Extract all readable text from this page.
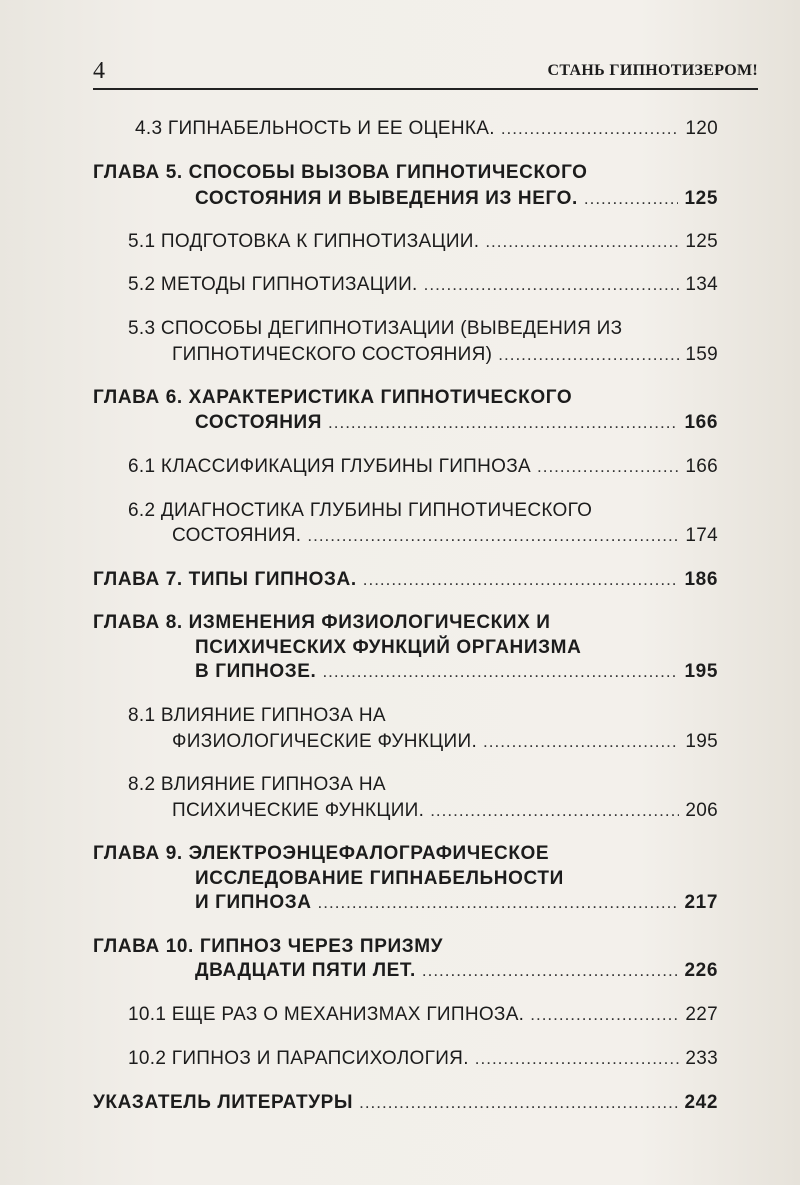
4	СТАНЬ ГИПНОТИЗЕРОМ!
4.3 ГИПНАБЕЛЬНОСТЬ И ЕЕ ОЦЕНКА. .....	120
ГЛАВА 5. СПОСОБЫ ВЫЗОВА ГИПНОТИЧЕСКОГО
СОСТОЯНИЯ И ВЫВЕДЕНИЯ ИЗ НЕГО. .....	125
5.1 ПОДГОТОВКА К ГИПНОТИЗАЦИИ. .....	125
5.2 МЕТОДЫ ГИПНОТИЗАЦИИ. .....	134
5.3 СПОСОБЫ ДЕГИПНОТИЗАЦИИ (ВЫВЕДЕНИЯ ИЗ
ГИПНОТИЧЕСКОГО СОСТОЯНИЯ) .....	159
ГЛАВА 6. ХАРАКТЕРИСТИКА ГИПНОТИЧЕСКОГО
СОСТОЯНИЯ .....	166
6.1 КЛАССИФИКАЦИЯ ГЛУБИНЫ ГИПНОЗА .....	166
6.2 ДИАГНОСТИКА ГЛУБИНЫ ГИПНОТИЧЕСКОГО
СОСТОЯНИЯ. .....	174
ГЛАВА 7. ТИПЫ ГИПНОЗА. .....	186
ГЛАВА 8. ИЗМЕНЕНИЯ ФИЗИОЛОГИЧЕСКИХ И
ПСИХИЧЕСКИХ ФУНКЦИЙ ОРГАНИЗМА
В ГИПНОЗЕ. .....	195
8.1 ВЛИЯНИЕ ГИПНОЗА НА
ФИЗИОЛОГИЧЕСКИЕ ФУНКЦИИ. .....	195
8.2 ВЛИЯНИЕ ГИПНОЗА НА
ПСИХИЧЕСКИЕ ФУНКЦИИ. .....	206
ГЛАВА 9. ЭЛЕКТРОЭНЦЕФАЛОГРАФИЧЕСКОЕ
ИССЛЕДОВАНИЕ ГИПНАБЕЛЬНОСТИ
И ГИПНОЗА .....	217
ГЛАВА 10. ГИПНОЗ ЧЕРЕЗ ПРИЗМУ
ДВАДЦАТИ ПЯТИ ЛЕТ. .....	226
10.1 ЕЩЕ РАЗ О МЕХАНИЗМАХ ГИПНОЗА. .....	227
10.2 ГИПНОЗ И ПАРАПСИХОЛОГИЯ. .....	233
УКАЗАТЕЛЬ ЛИТЕРАТУРЫ .....	242
